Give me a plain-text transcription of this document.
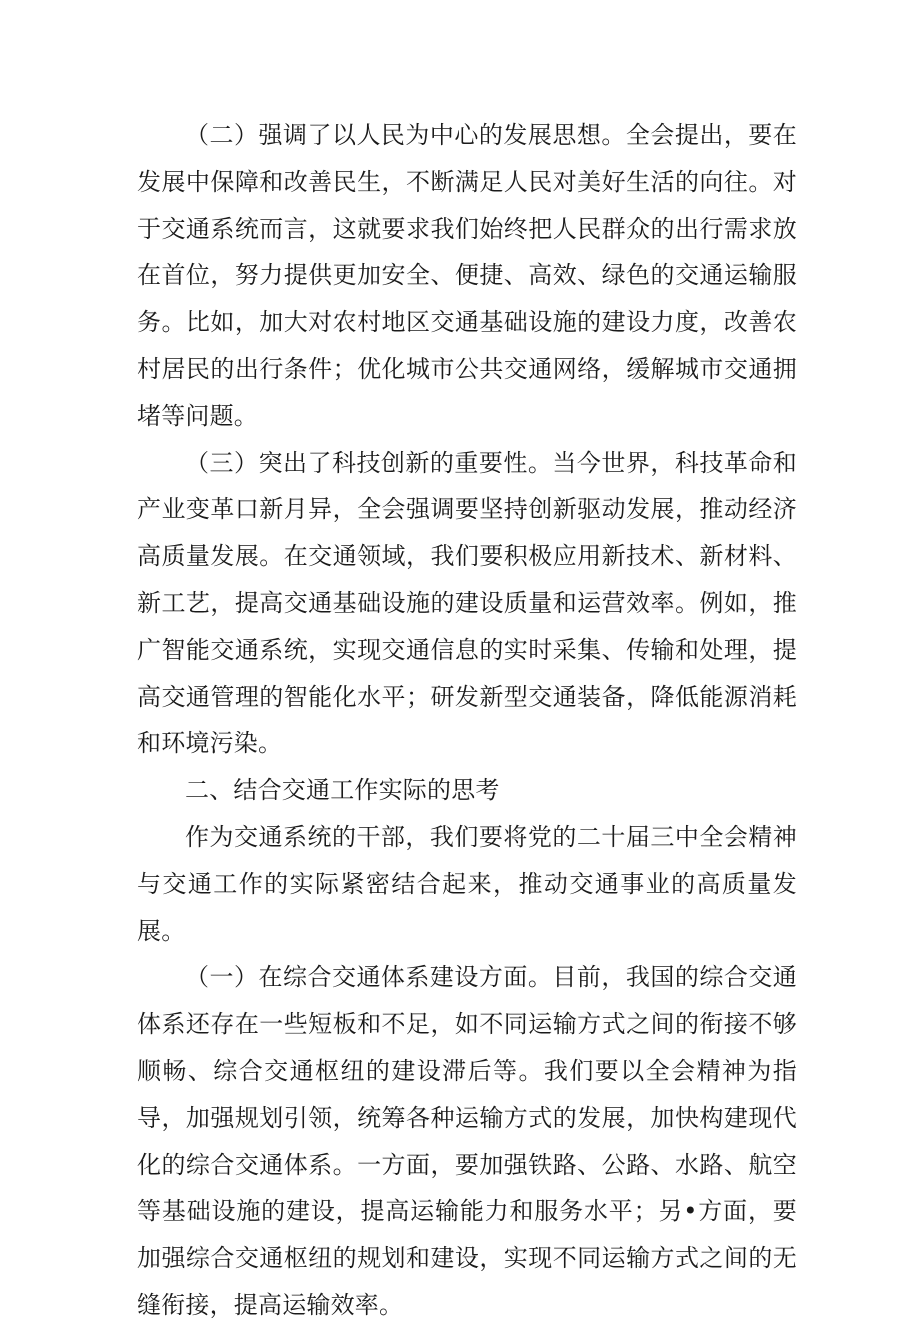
（二）强调了以人民为中心的发展思想。全会提出，要在发展中保障和改善民生，不断满足人民对美好生活的向往。对于交通系统而言，这就要求我们始终把人民群众的出行需求放在首位，努力提供更加安全、便捷、高效、绿色的交通运输服务。比如，加大对农村地区交通基础设施的建设力度，改善农村居民的出行条件；优化城市公共交通网络，缓解城市交通拥堵等问题。

（三）突出了科技创新的重要性。当今世界，科技革命和产业变革口新月异，全会强调要坚持创新驱动发展，推动经济高质量发展。在交通领域，我们要积极应用新技术、新材料、新工艺，提高交通基础设施的建设质量和运营效率。例如，推广智能交通系统，实现交通信息的实时采集、传输和处理，提高交通管理的智能化水平；研发新型交通装备，降低能源消耗和环境污染。

二、结合交通工作实际的思考

作为交通系统的干部，我们要将党的二十届三中全会精神与交通工作的实际紧密结合起来，推动交通事业的高质量发展。

（一）在综合交通体系建设方面。目前，我国的综合交通体系还存在一些短板和不足，如不同运输方式之间的衔接不够顺畅、综合交通枢纽的建设滞后等。我们要以全会精神为指导，加强规划引领，统筹各种运输方式的发展，加快构建现代化的综合交通体系。一方面，要加强铁路、公路、水路、航空等基础设施的建设，提高运输能力和服务水平；另•方面，要加强综合交通枢纽的规划和建设，实现不同运输方式之间的无缝衔接，提高运输效率。
